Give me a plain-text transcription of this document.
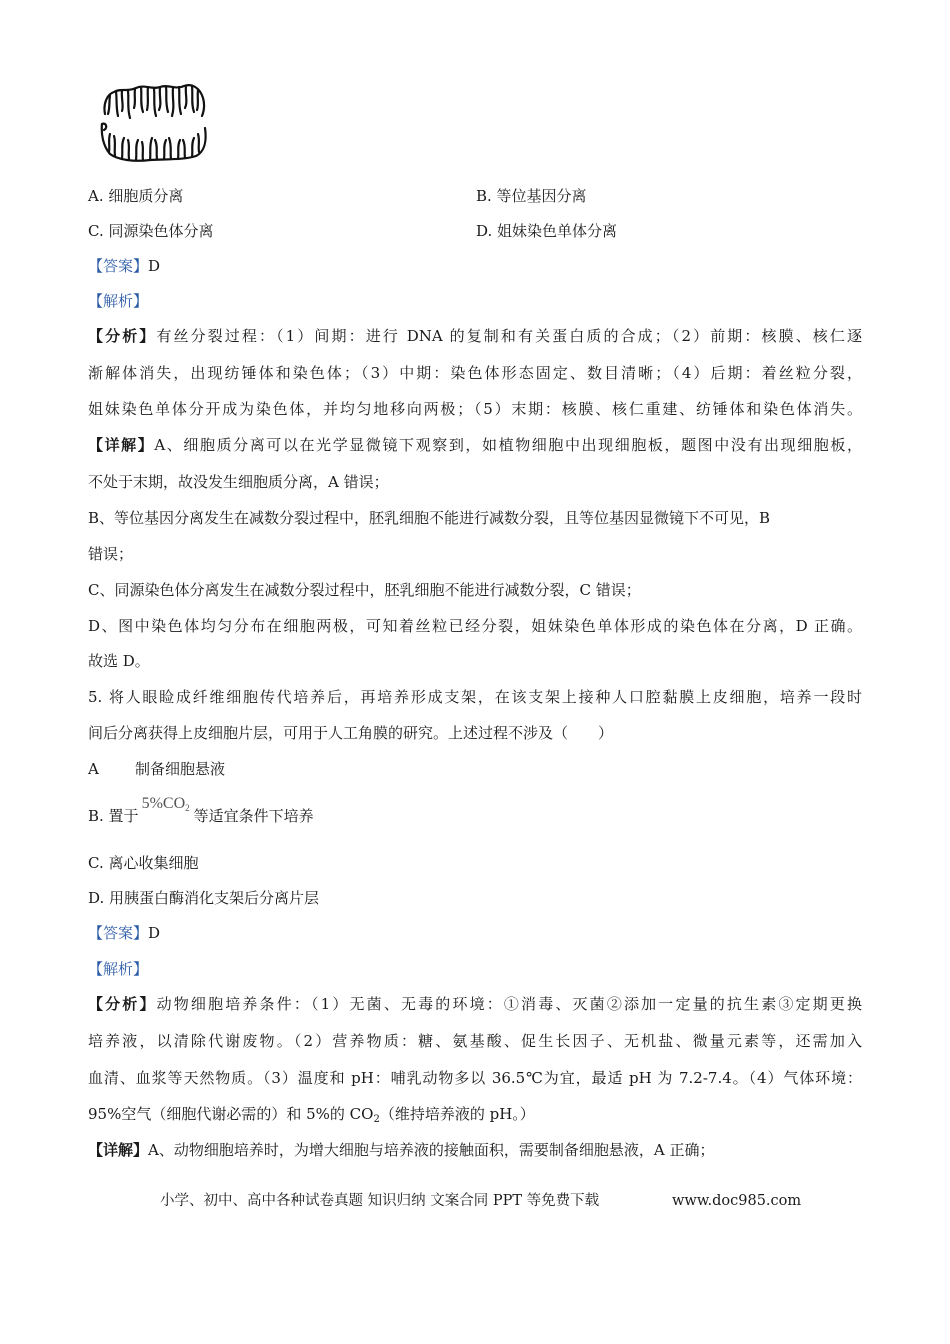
A. 细胞质分离	B. 等位基因分离
C. 同源染色体分离	D. 姐妹染色单体分离
【答案】D
【解析】
【分析】有丝分裂过程：（1）间期：进行 DNA 的复制和有关蛋白质的合成；（2）前期：核膜、核仁逐
渐解体消失，出现纺锤体和染色体；（3）中期：染色体形态固定、数目清晰；（4）后期：着丝粒分裂，
姐妹染色单体分开成为染色体，并均匀地移向两极；（5）末期：核膜、核仁重建、纺锤体和染色体消失。
【详解】A、细胞质分离可以在光学显微镜下观察到，如植物细胞中出现细胞板，题图中没有出现细胞板，
不处于末期，故没发生细胞质分离，A 错误；
B、等位基因分离发生在减数分裂过程中，胚乳细胞不能进行减数分裂，且等位基因显微镜下不可见，B
错误；
C、同源染色体分离发生在减数分裂过程中，胚乳细胞不能进行减数分裂，C 错误；
D、图中染色体均匀分布在细胞两极，可知着丝粒已经分裂，姐妹染色单体形成的染色体在分离，D 正确。
故选 D。
5. 将人眼睑成纤维细胞传代培养后，再培养形成支架，在该支架上接种人口腔黏膜上皮细胞，培养一段时
间后分离获得上皮细胞片层，可用于人工角膜的研究。上述过程不涉及（　　）
A 制备细胞悬液
B. 置于$5\%CO_2$ 等适宜条件下培养
C. 离心收集细胞
D. 用胰蛋白酶消化支架后分离片层
【答案】D
【解析】
【分析】动物细胞培养条件：（1）无菌、无毒的环境：①消毒、灭菌②添加一定量的抗生素③定期更换
培养液，以清除代谢废物。（2）营养物质：糖、氨基酸、促生长因子、无机盐、微量元素等，还需加入
血清、血浆等天然物质。（3）温度和 pH：哺乳动物多以 36.5℃为宜，最适 pH 为 7.2-7.4。（4）气体环境：
95%空气（细胞代谢必需的）和 5%的 $CO_2$（维持培养液的 pH。）
【详解】A、动物细胞培养时，为增大细胞与培养液的接触面积，需要制备细胞悬液，A 正确；
小学、初中、高中各种试卷真题 知识归纳 文案合同 PPT 等免费下载	www.doc985.com
